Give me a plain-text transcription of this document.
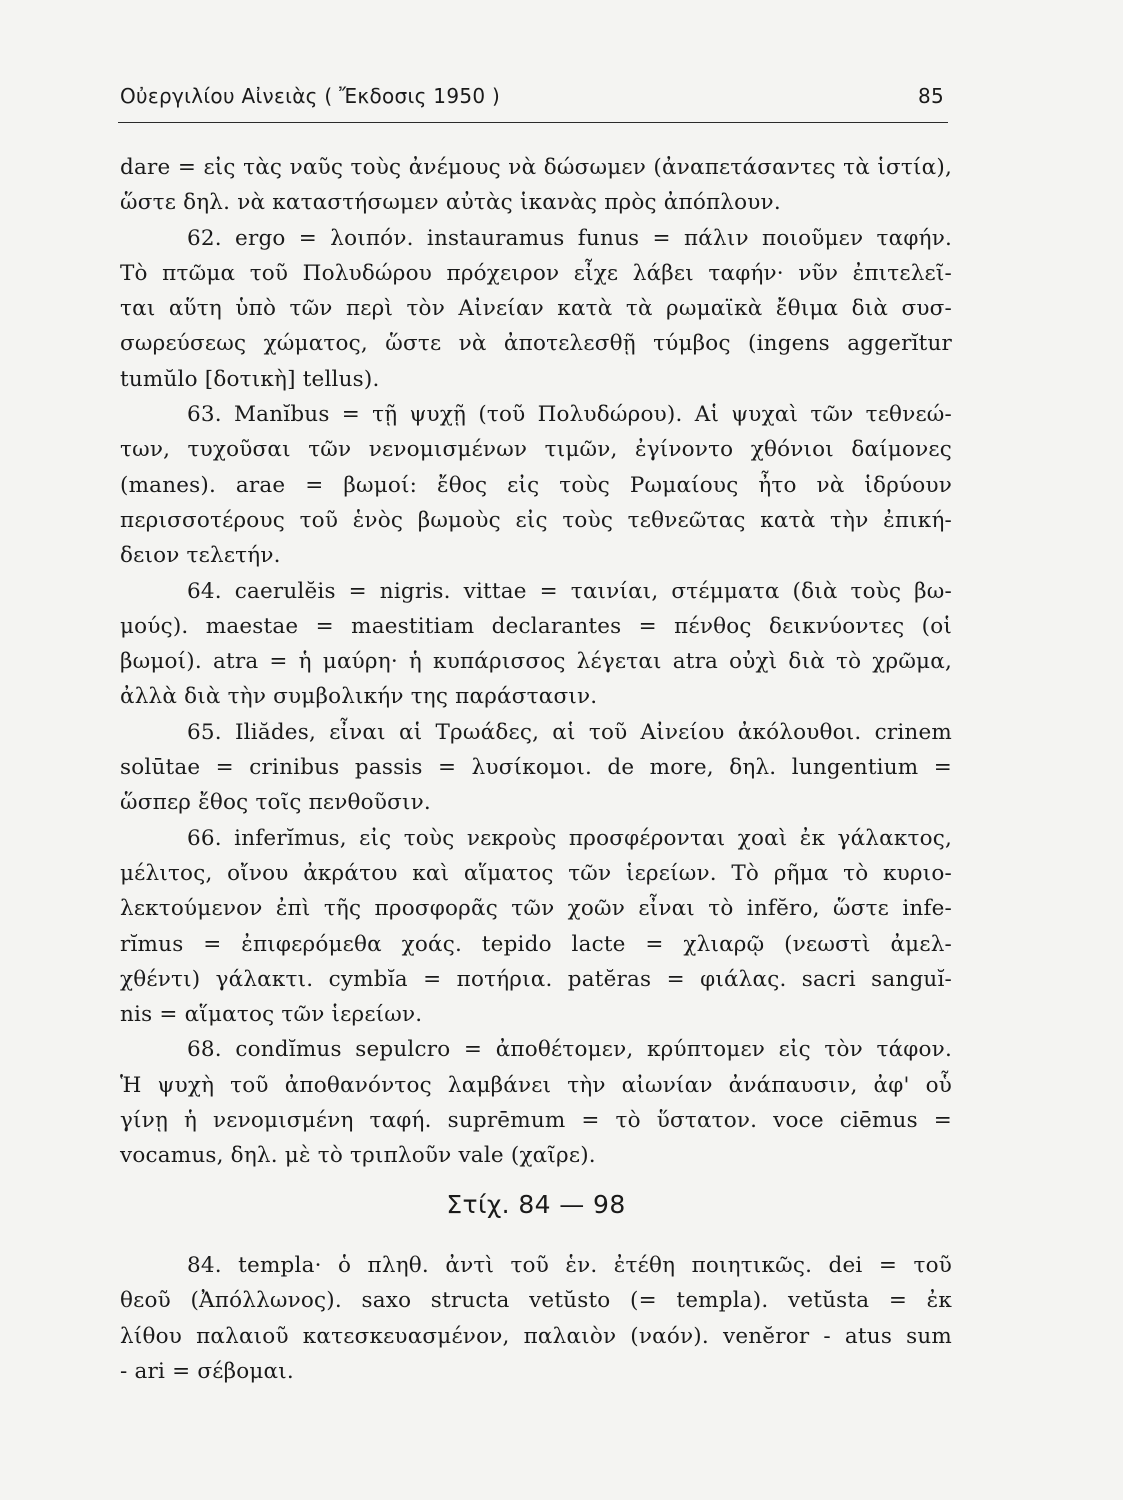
Οὐεργιλίου Αἰνειὰς ( Ἔκδοσις 1950 )	85
dare = εἰς τὰς ναῦς τοὺς ἀνέμους νὰ δώσωμεν (ἀναπετάσαντες τὰ ἱστία),
ὥστε δηλ. νὰ καταστήσωμεν αὐτὰς ἱκανὰς πρὸς ἀπόπλουν.
62. ergo = λοιπόν. instauramus funus = πάλιν ποιοῦμεν ταφήν.
Τὸ πτῶμα τοῦ Πολυδώρου πρόχειρον εἶχε λάβει ταφήν· νῦν ἐπιτελεῖ-
ται αὕτη ὑπὸ τῶν περὶ τὸν Αἰνείαν κατὰ τὰ ρωμαϊκὰ ἔθιμα διὰ συσ-
σωρεύσεως χώματος, ὥστε νὰ ἀποτελεσθῇ τύμβος (ingens aggerĭtur
tumŭlo [δοτικὴ] tellus).
63. Manĭbus = τῇ ψυχῇ (τοῦ Πολυδώρου). Αἱ ψυχαὶ τῶν τεθνεώ-
των, τυχοῦσαι τῶν νενομισμένων τιμῶν, ἐγίνοντο χθόνιοι δαίμονες
(manes). arae = βωμοί: ἔθος εἰς τοὺς Ρωμαίους ἦτο νὰ ἱδρύουν
περισσοτέρους τοῦ ἑνὸς βωμοὺς εἰς τοὺς τεθνεῶτας κατὰ τὴν ἐπική-
δειον τελετήν.
64. caerulĕis = nigris. vittae = ταινίαι, στέμματα (διὰ τοὺς βω-
μούς). maestae = maestitiam declarantes = πένθος δεικνύοντες (οἱ
βωμοί). atra = ἡ μαύρη· ἡ κυπάρισσος λέγεται atra οὐχὶ διὰ τὸ χρῶμα,
ἀλλὰ διὰ τὴν συμβολικήν της παράστασιν.
65. Iliădes, εἶναι αἱ Τρωάδες, αἱ τοῦ Αἰνείου ἀκόλουθοι. crinem
solūtae = crinibus passis = λυσίκομοι. de more, δηλ. lungentium =
ὥσπερ ἔθος τοῖς πενθοῦσιν.
66. inferĭmus, εἰς τοὺς νεκροὺς προσφέρονται χοαὶ ἐκ γάλακτος,
μέλιτος, οἴνου ἀκράτου καὶ αἵματος τῶν ἱερείων. Τὸ ρῆμα τὸ κυριο-
λεκτούμενον ἐπὶ τῆς προσφορᾶς τῶν χοῶν εἶναι τὸ infĕro, ὥστε infe-
rĭmus = ἐπιφερόμεθα χοάς. tepido lacte = χλιαρῷ (νεωστὶ ἀμελ-
χθέντι) γάλακτι. cymbĭa = ποτήρια. patĕras = φιάλας. sacri sanguĭ-
nis = αἵματος τῶν ἱερείων.
68. condĭmus sepulcro = ἀποθέτομεν, κρύπτομεν εἰς τὸν τάφον.
Ἡ ψυχὴ τοῦ ἀποθανόντος λαμβάνει τὴν αἰωνίαν ἀνάπαυσιν, ἀφ' οὗ
γίνῃ ἡ νενομισμένη ταφή. suprēmum = τὸ ὕστατον. voce ciēmus =
vocamus, δηλ. μὲ τὸ τριπλοῦν vale (χαῖρε).
Στίχ. 84 — 98
84. templa· ὁ πληθ. ἀντὶ τοῦ ἑν. ἐτέθη ποιητικῶς. dei = τοῦ
θεοῦ (Ἀπόλλωνος). saxo structa vetŭsto (= templa). vetŭsta = ἐκ
λίθου παλαιοῦ κατεσκευασμένον, παλαιὸν (ναόν). venĕror - atus sum
- ari = σέβομαι.
